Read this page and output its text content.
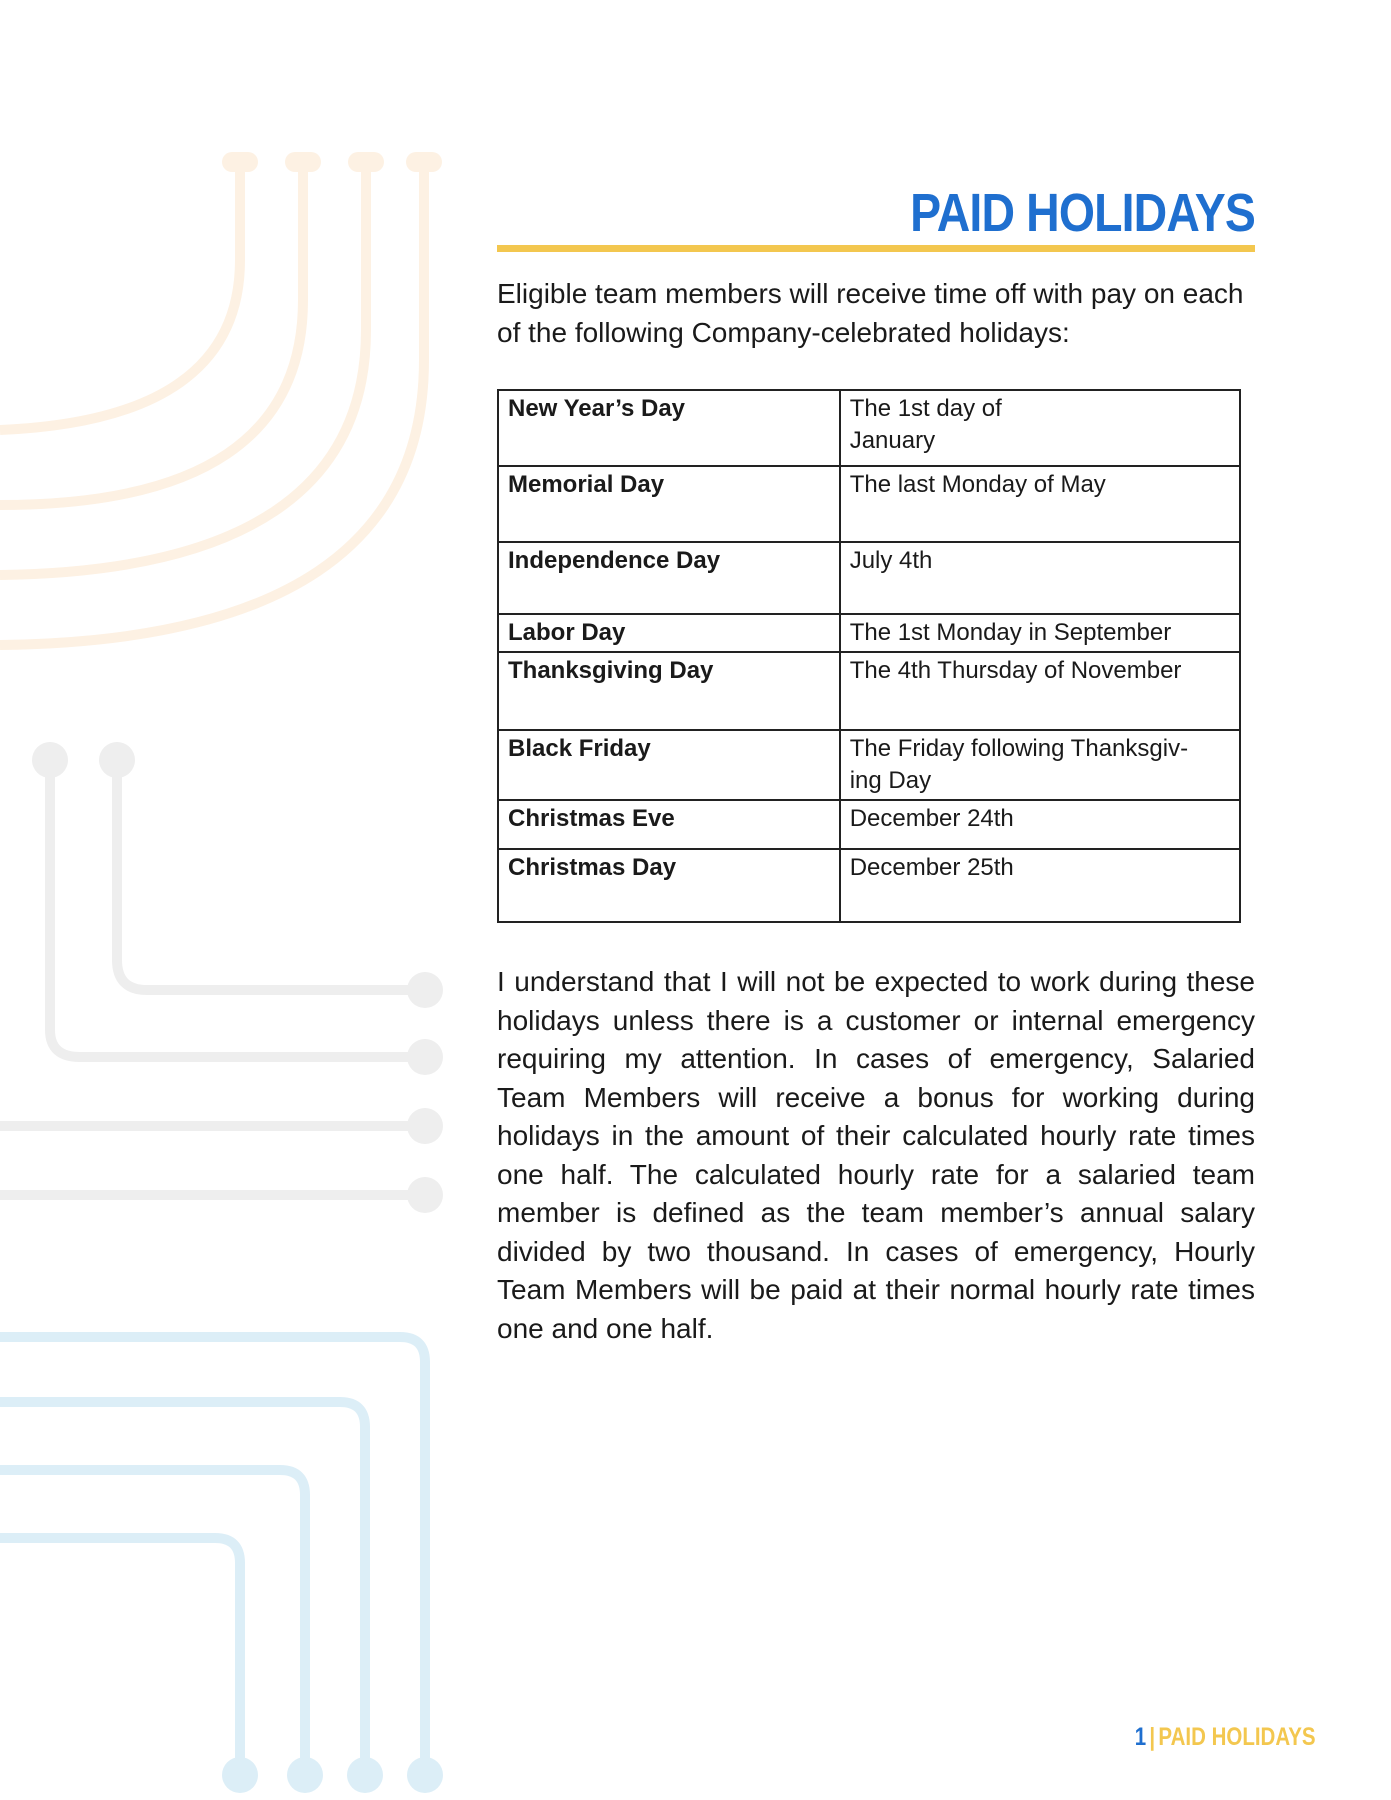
PAID HOLIDAYS

Eligible team members will receive time off with pay on each of the following Company-celebrated holidays:

New Year’s Day	The 1st day of
January
Memorial Day	The last Monday of May
Independence Day	July 4th
Labor Day	The 1st Monday in September
Thanksgiving Day	The 4th Thursday of November
Black Friday	The Friday following Thanksgiv-
ing Day
Christmas Eve	December 24th
Christmas Day	December 25th

I understand that I will not be expected to work during these holidays unless there is a customer or internal emergency requiring my attention. In cases of emergency, Salaried Team Members will receive a bonus for working during holidays in the amount of their calculated hourly rate times one half. The calculated hourly rate for a salaried team member is defined as the team member’s annual salary divided by two thousand. In cases of emergency, Hourly Team Members will be paid at their normal hourly rate times one and one half.

1 | PAID HOLIDAYS
